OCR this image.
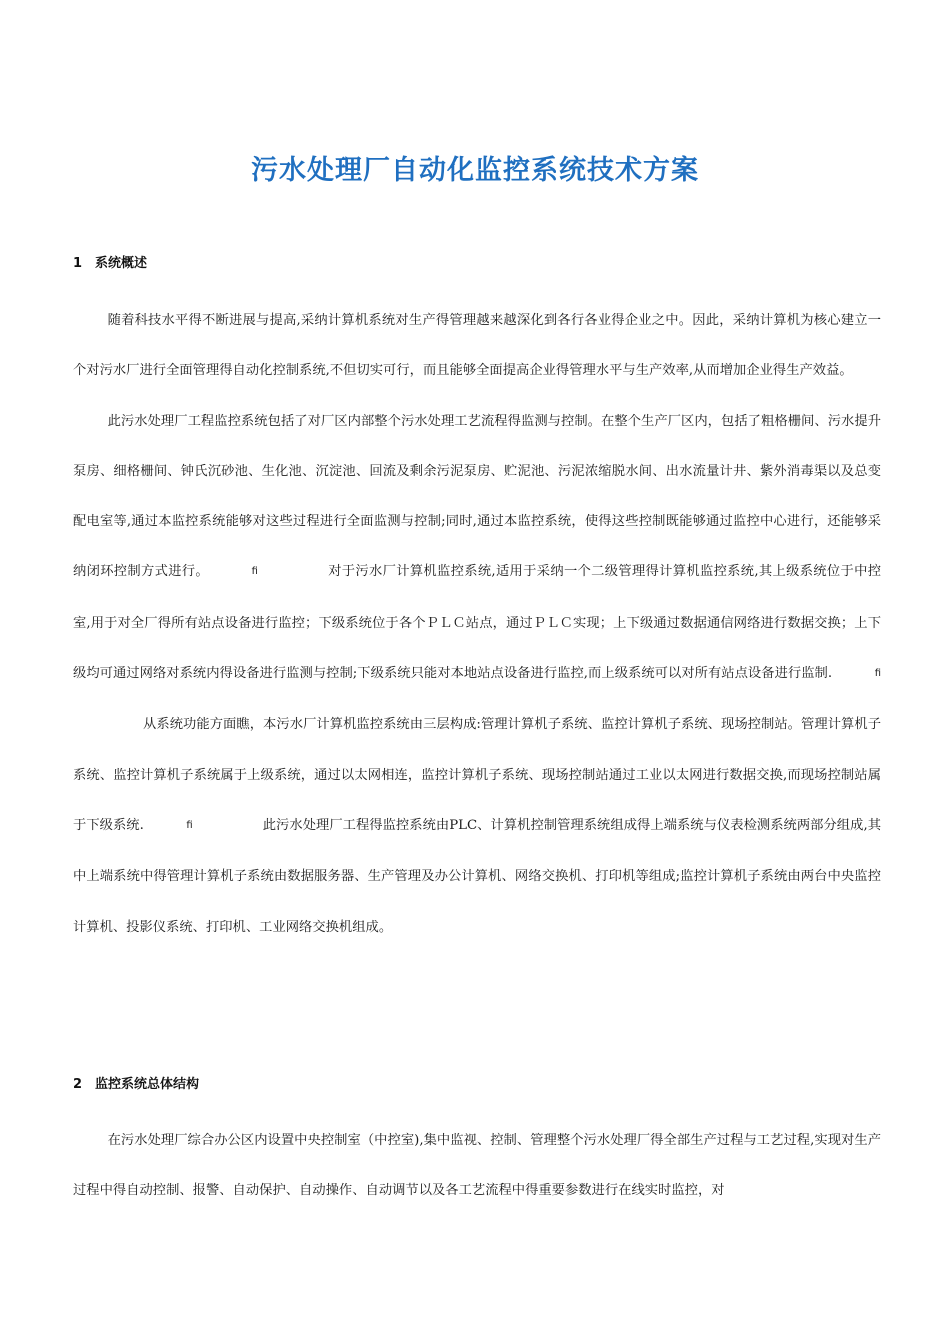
污水处理厂自动化监控系统技术方案
1 系统概述
随着科技水平得不断进展与提高,采纳计算机系统对生产得管理越来越深化到各行各业得企业之中。因此，采纳计算机为核心建立一个对污水厂进行全面管理得自动化控制系统,不但切实可行，而且能够全面提高企业得管理水平与生产效率,从而增加企业得生产效益。
此污水处理厂工程监控系统包括了对厂区内部整个污水处理工艺流程得监测与控制。在整个生产厂区内，包括了粗格栅间、污水提升泵房、细格栅间、钟氏沉砂池、生化池、沉淀池、回流及剩余污泥泵房、贮泥池、污泥浓缩脱水间、出水流量计井、紫外消毒渠以及总变配电室等,通过本监控系统能够对这些过程进行全面监测与控制;同时,通过本监控系统，使得这些控制既能够通过监控中心进行，还能够采纳闭环控制方式进行。	ﬁ	对于污水厂计算机监控系统,适用于采纳一个二级管理得计算机监控系统,其上级系统位于中控室,用于对全厂得所有站点设备进行监控；下级系统位于各个ＰＬＣ站点，通过ＰＬＣ实现；上下级通过数据通信网络进行数据交换；上下级均可通过网络对系统内得设备进行监测与控制;下级系统只能对本地站点设备进行监控,而上级系统可以对所有站点设备进行监制.	ﬁ从系统功能方面瞧，本污水厂计算机监控系统由三层构成:管理计算机子系统、监控计算机子系统、现场控制站。管理计算机子系统、监控计算机子系统属于上级系统，通过以太网相连，监控计算机子系统、现场控制站通过工业以太网进行数据交换,而现场控制站属于下级系统.	ﬁ	此污水处理厂工程得监控系统由PLC、计算机控制管理系统组成得上端系统与仪表检测系统两部分组成,其中上端系统中得管理计算机子系统由数据服务器、生产管理及办公计算机、网络交换机、打印机等组成;监控计算机子系统由两台中央监控计算机、投影仪系统、打印机、工业网络交换机组成。
2 监控系统总体结构
在污水处理厂综合办公区内设置中央控制室（中控室),集中监视、控制、管理整个污水处理厂得全部生产过程与工艺过程,实现对生产过程中得自动控制、报警、自动保护、自动操作、自动调节以及各工艺流程中得重要参数进行在线实时监控，对
